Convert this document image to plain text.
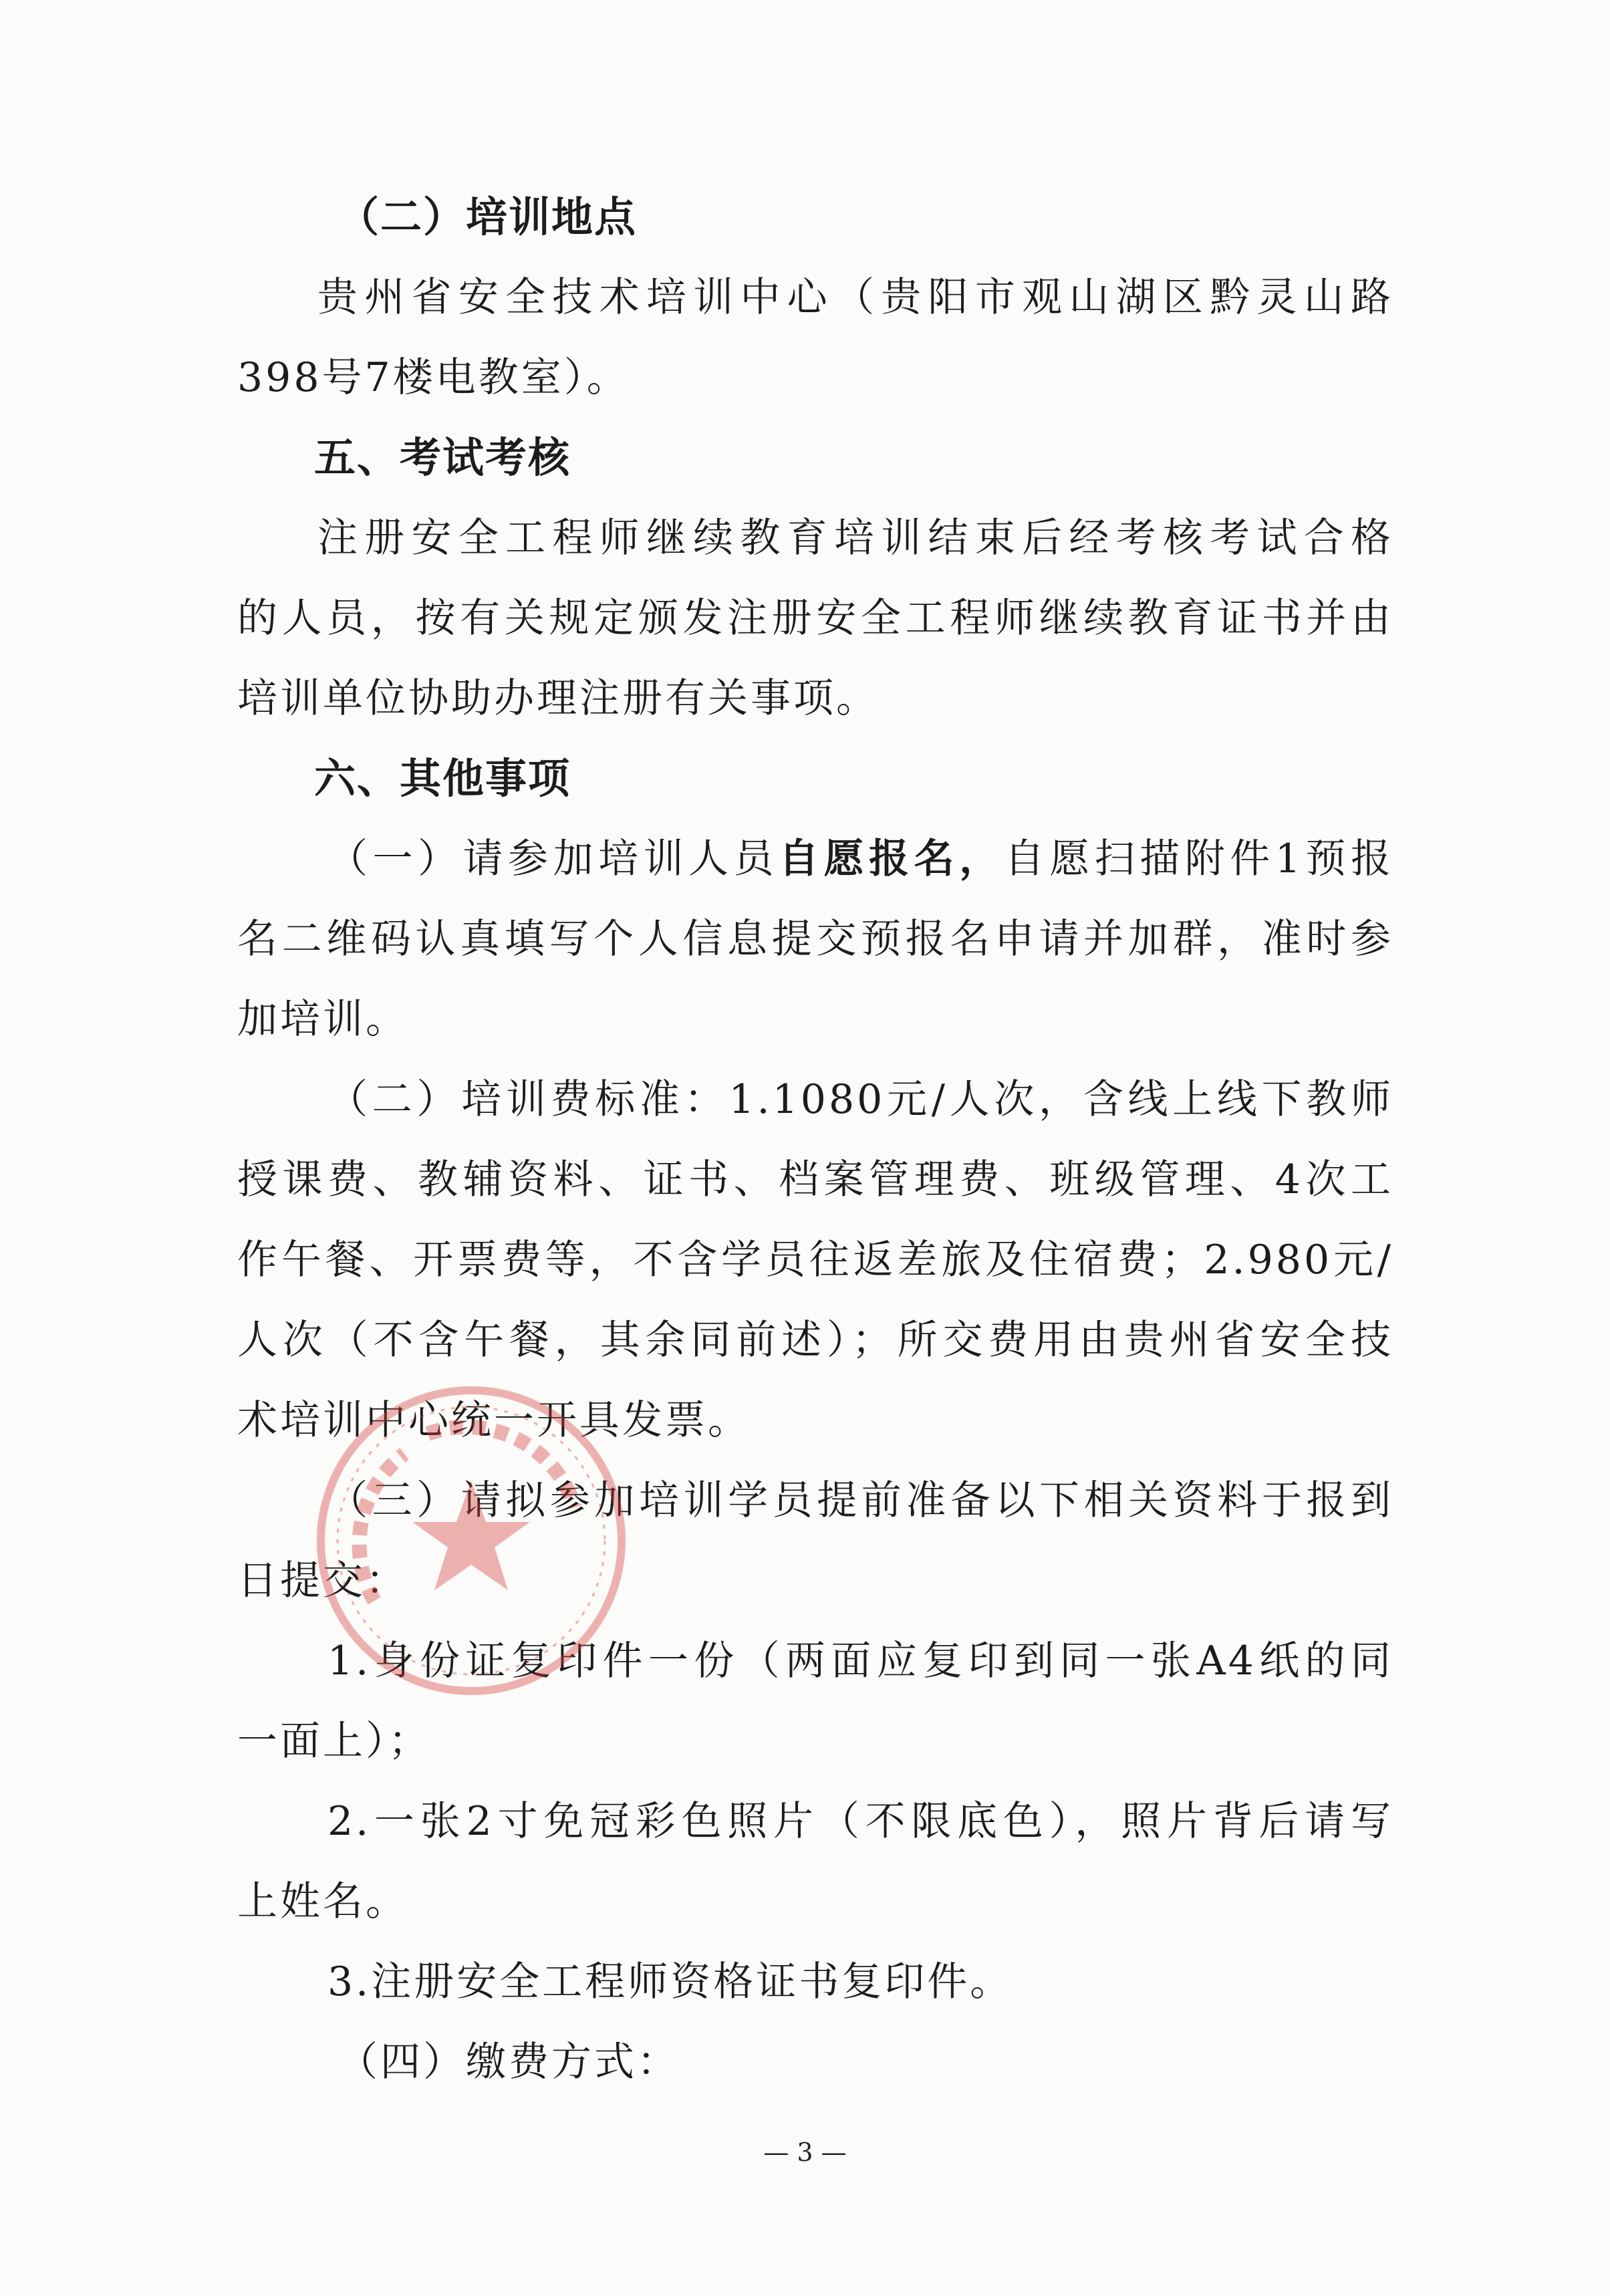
（二）培训地点
贵州省安全技术培训中心（贵阳市观山湖区黔灵山路
398号7楼电教室）。
五、考试考核
注册安全工程师继续教育培训结束后经考核考试合格
的人员，按有关规定颁发注册安全工程师继续教育证书并由
培训单位协助办理注册有关事项。
六、其他事项
（一）请参加培训人员自愿报名，自愿扫描附件1预报
名二维码认真填写个人信息提交预报名申请并加群，准时参
加培训。
（二）培训费标准：1.1080元/人次，含线上线下教师
授课费、教辅资料、证书、档案管理费、班级管理、4次工
作午餐、开票费等，不含学员往返差旅及住宿费；2.980元/
人次（不含午餐，其余同前述）；所交费用由贵州省安全技
术培训中心统一开具发票。
（三）请拟参加培训学员提前准备以下相关资料于报到
日提交：
1.身份证复印件一份（两面应复印到同一张A4纸的同
一面上）；
2.一张2寸免冠彩色照片（不限底色），照片背后请写
上姓名。
3.注册安全工程师资格证书复印件。
（四）缴费方式：
— 3 —
